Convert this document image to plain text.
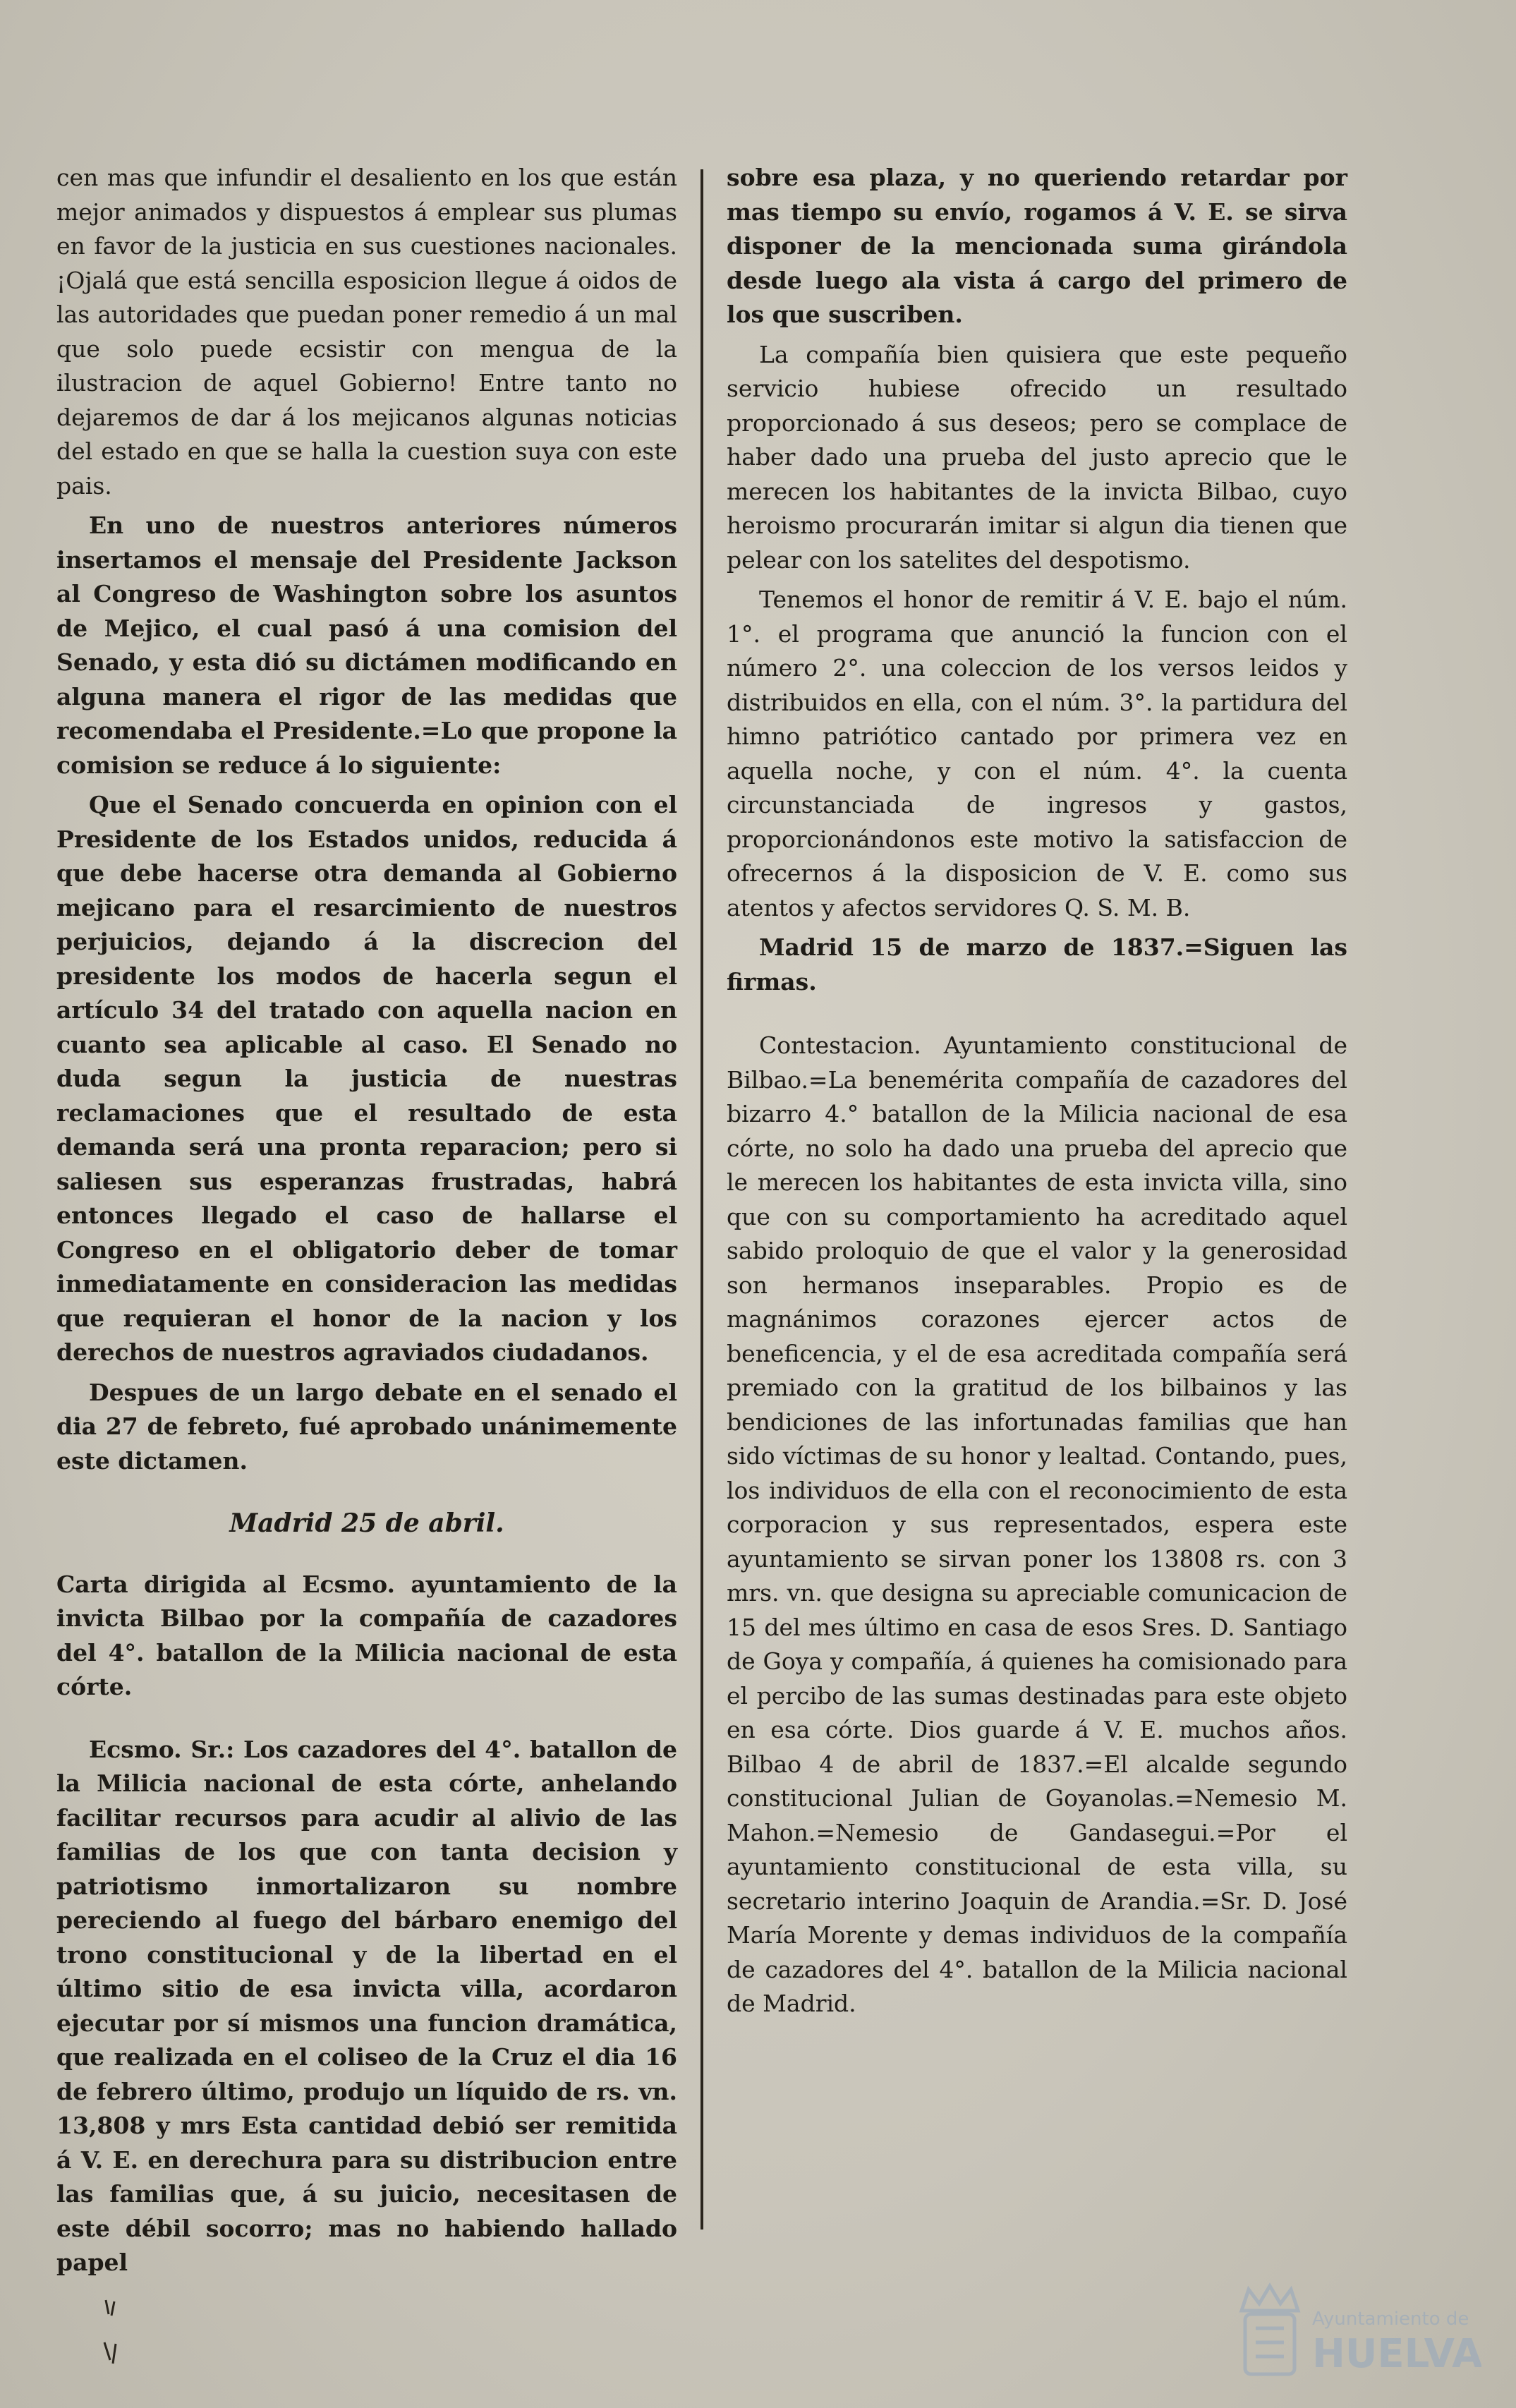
cen mas que infundir el desaliento en los que están mejor animados y dispuestos á emplear sus plumas en favor de la justicia en sus cuestiones nacionales. ¡Ojalá que está sencilla esposicion llegue á oidos de las autoridades que puedan poner remedio á un mal que solo puede ecsistir con mengua de la ilustracion de aquel Gobierno! Entre tanto no dejaremos de dar á los mejicanos algunas noticias del estado en que se halla la cuestion suya con este pais.

En uno de nuestros anteriores números insertamos el mensaje del Presidente Jackson al Congreso de Washington sobre los asuntos de Mejico, el cual pasó á una comision del Senado, y esta dió su dictámen modificando en alguna manera el rigor de las medidas que recomendaba el Presidente.=Lo que propone la comision se reduce á lo siguiente:

Que el Senado concuerda en opinion con el Presidente de los Estados unidos, reducida á que debe hacerse otra demanda al Gobierno mejicano para el resarcimiento de nuestros perjuicios, dejando á la discrecion del presidente los modos de hacerla segun el artículo 34 del tratado con aquella nacion en cuanto sea aplicable al caso. El Senado no duda segun la justicia de nuestras reclamaciones que el resultado de esta demanda será una pronta reparacion; pero si saliesen sus esperanzas frustradas, habrá entonces llegado el caso de hallarse el Congreso en el obligatorio deber de tomar inmediatamente en consideracion las medidas que requieran el honor de la nacion y los derechos de nuestros agraviados ciudadanos.

Despues de un largo debate en el senado el dia 27 de febreto, fué aprobado unánimemente este dictamen.

Madrid 25 de abril.

Carta dirigida al Ecsmo. ayuntamiento de la invicta Bilbao por la compañía de cazadores del 4°. batallon de la Milicia nacional de esta córte.

Ecsmo. Sr.: Los cazadores del 4°. batallon de la Milicia nacional de esta córte, anhelando facilitar recursos para acudir al alivio de las familias de los que con tanta decision y patriotismo inmortalizaron su nombre pereciendo al fuego del bárbaro enemigo del trono constitucional y de la libertad en el último sitio de esa invicta villa, acordaron ejecutar por sí mismos una funcion dramática, que realizada en el coliseo de la Cruz el dia 16 de febrero último, produjo un líquido de rs. vn. 13,808 y mrs Esta cantidad debió ser remitida á V. E. en derechura para su distribucion entre las familias que, á su juicio, necesitasen de este débil socorro; mas no habiendo hallado papel

sobre esa plaza, y no queriendo retardar por mas tiempo su envío, rogamos á V. E. se sirva disponer de la mencionada suma girándola desde luego ala vista á cargo del primero de los que suscriben.

La compañía bien quisiera que este pequeño servicio hubiese ofrecido un resultado proporcionado á sus deseos; pero se complace de haber dado una prueba del justo aprecio que le merecen los habitantes de la invicta Bilbao, cuyo heroismo procurarán imitar si algun dia tienen que pelear con los satelites del despotismo.

Tenemos el honor de remitir á V. E. bajo el núm. 1°. el programa que anunció la funcion con el número 2°. una coleccion de los versos leidos y distribuidos en ella, con el núm. 3°. la partidura del himno patriótico cantado por primera vez en aquella noche, y con el núm. 4°. la cuenta circunstanciada de ingresos y gastos, proporcionándonos este motivo la satisfaccion de ofrecernos á la disposicion de V. E. como sus atentos y afectos servidores Q. S. M. B.

Madrid 15 de marzo de 1837.=Siguen las firmas.

Contestacion. Ayuntamiento constitucional de Bilbao.=La benemérita compañía de cazadores del bizarro 4.° batallon de la Milicia nacional de esa córte, no solo ha dado una prueba del aprecio que le merecen los habitantes de esta invicta villa, sino que con su comportamiento ha acreditado aquel sabido proloquio de que el valor y la generosidad son hermanos inseparables. Propio es de magnánimos corazones ejercer actos de beneficencia, y el de esa acreditada compañía será premiado con la gratitud de los bilbainos y las bendiciones de las infortunadas familias que han sido víctimas de su honor y lealtad. Contando, pues, los individuos de ella con el reconocimiento de esta corporacion y sus representados, espera este ayuntamiento se sirvan poner los 13808 rs. con 3 mrs. vn. que designa su apreciable comunicacion de 15 del mes último en casa de esos Sres. D. Santiago de Goya y compañía, á quienes ha comisionado para el percibo de las sumas destinadas para este objeto en esa córte. Dios guarde á V. E. muchos años. Bilbao 4 de abril de 1837.=El alcalde segundo constitucional Julian de Goyanolas.=Nemesio M. Mahon.=Nemesio de Gandasegui.=Por el ayuntamiento constitucional de esta villa, su secretario interino Joaquin de Arandia.=Sr. D. José María Morente y demas individuos de la compañía de cazadores del 4°. batallon de la Milicia nacional de Madrid.

Ayuntamiento de
HUELVA
